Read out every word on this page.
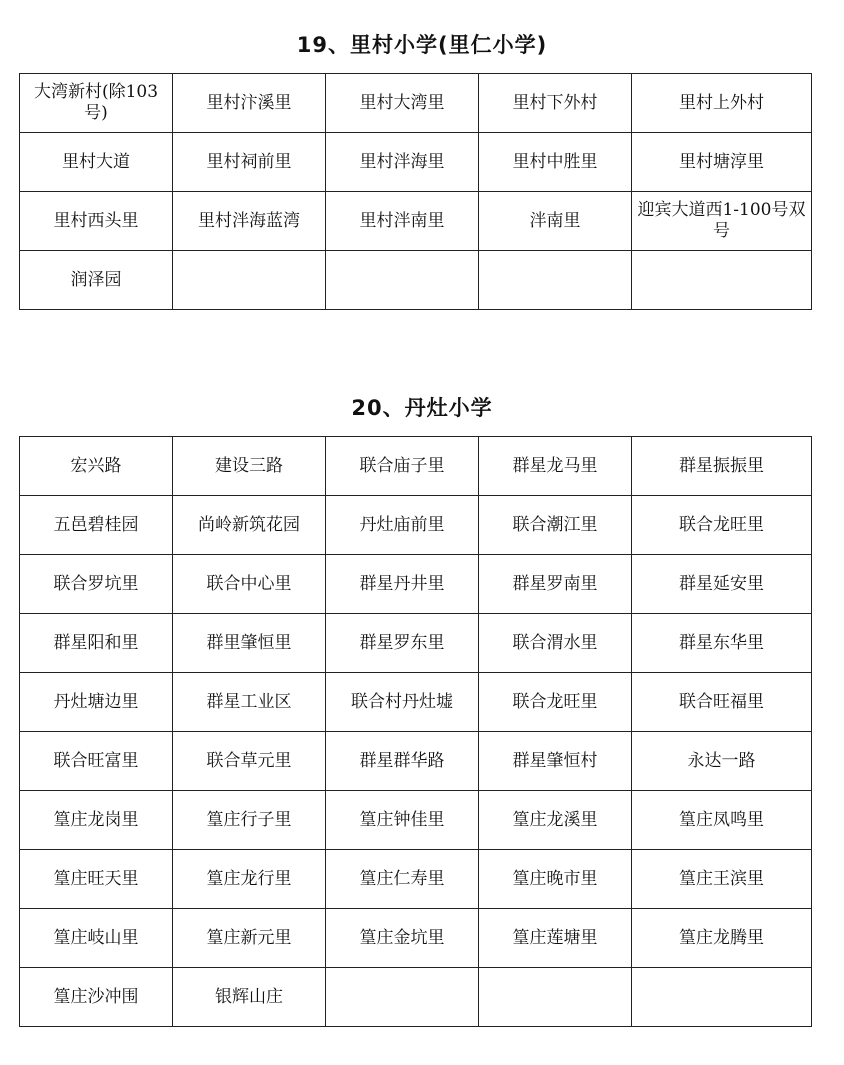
19、里村小学(里仁小学)
大湾新村(除103号)	里村汴溪里	里村大湾里	里村下外村	里村上外村
里村大道	里村祠前里	里村泮海里	里村中胜里	里村塘淳里
里村西头里	里村泮海蓝湾	里村泮南里	泮南里	迎宾大道西1-100号双号
润泽园				
20、丹灶小学
宏兴路	建设三路	联合庙子里	群星龙马里	群星振振里
五邑碧桂园	尚岭新筑花园	丹灶庙前里	联合潮江里	联合龙旺里
联合罗坑里	联合中心里	群星丹井里	群星罗南里	群星延安里
群星阳和里	群里肇恒里	群星罗东里	联合渭水里	群星东华里
丹灶塘边里	群星工业区	联合村丹灶墟	联合龙旺里	联合旺福里
联合旺富里	联合草元里	群星群华路	群星肇恒村	永达一路
篁庄龙岗里	篁庄行子里	篁庄钟佳里	篁庄龙溪里	篁庄凤鸣里
篁庄旺天里	篁庄龙行里	篁庄仁寿里	篁庄晚市里	篁庄王滨里
篁庄岐山里	篁庄新元里	篁庄金坑里	篁庄莲塘里	篁庄龙腾里
篁庄沙冲围	银辉山庄			
